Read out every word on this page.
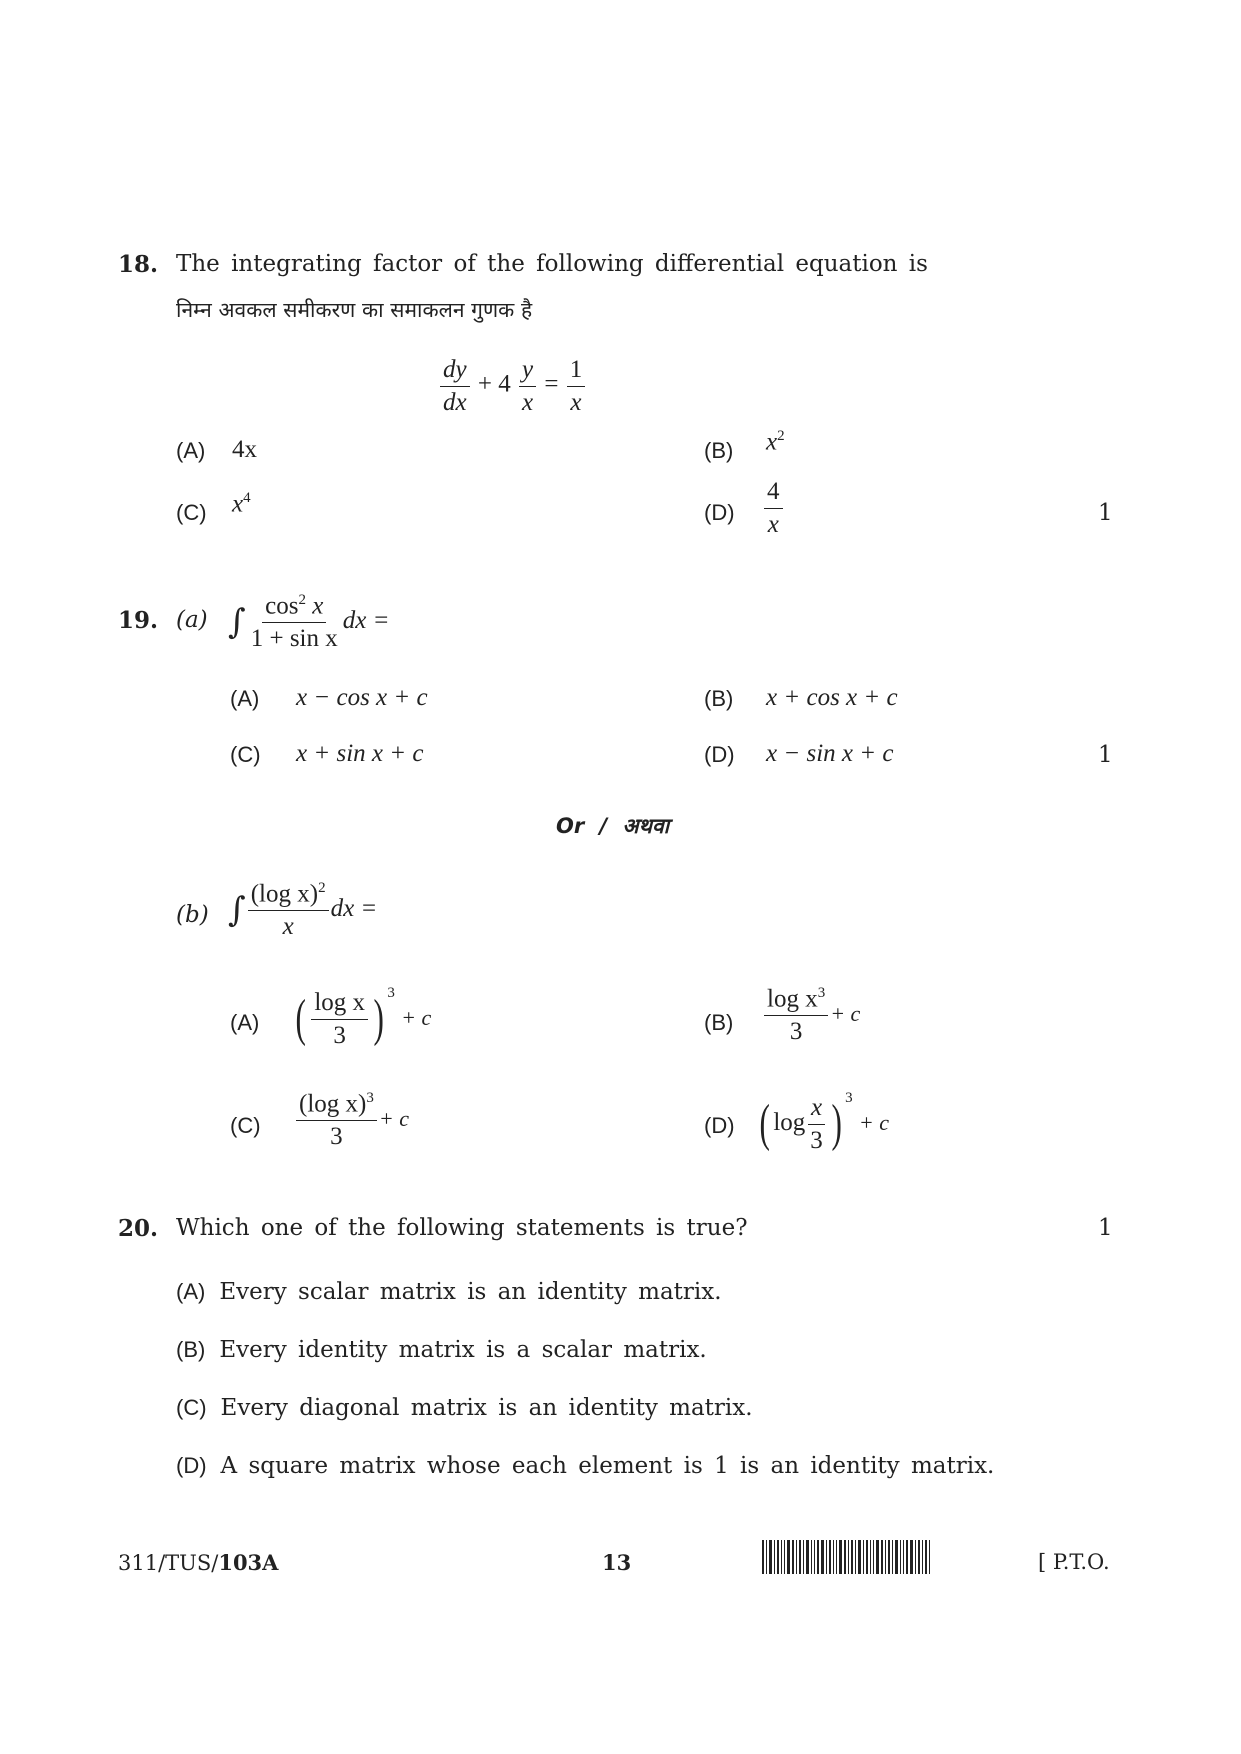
18. The integrating factor of the following differential equation is
निम्न अवकल समीकरण का समाकलन गुणक है
$\frac{dy}{dx} + 4 \frac{y}{x} = \frac{1}{x}$
(A) 4x	(B) $x^2$
(C) $x^4$
$(D) \frac{4}{x}$	1
19. (a) ∫ $\frac{\cos^2 x}{\text{1 + sin x}}$ dx =
(A) x − cos x + c	(B) x + cos x + c
(C) x + sin x + c	(D) x − sin x + c	1
Or / अथवा
(b) ∫ $\frac{(\log x)^2}{x}$ dx =
(A) ( $\frac{\text{log x}}{3}$ ) $^3$ + c	$(B) \frac{\log x^3}{3} + c$
$(C) \frac{(\log x)^3}{3} + c$	(D) ( $\log \frac{x}{3}$ ) $^3$ + c
20. Which one of the following statements is true?	1
(A) Every scalar matrix is an identity matrix.
(B) Every identity matrix is a scalar matrix.
(C) Every diagonal matrix is an identity matrix.
(D) A square matrix whose each element is 1 is an identity matrix.
311/TUS/103A	13	[ P.T.O.
